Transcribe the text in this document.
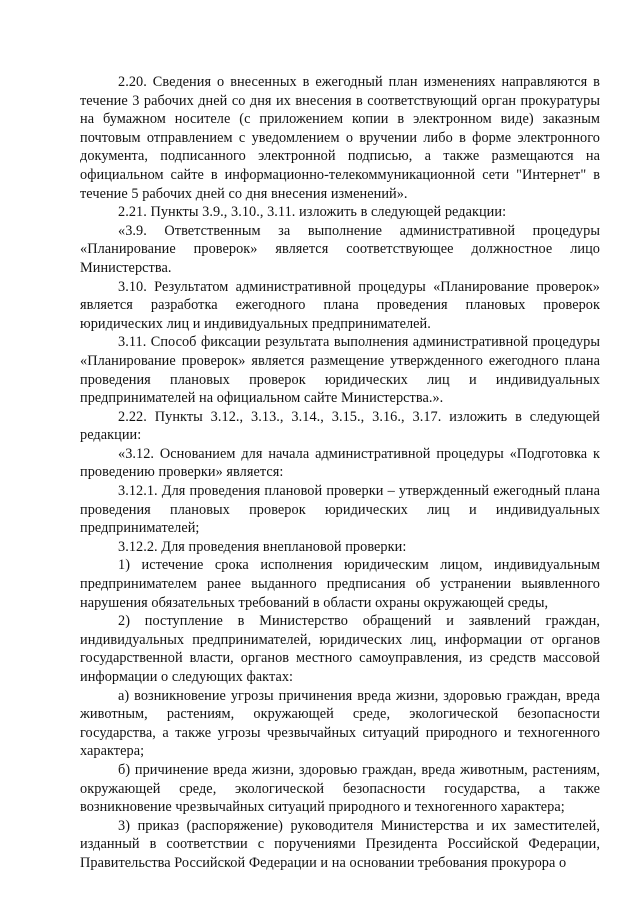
2.20. Сведения о внесенных в ежегодный план изменениях направляются в течение 3 рабочих дней со дня их внесения в соответствующий орган прокуратуры на бумажном носителе (с приложением копии в электронном виде) заказным почтовым отправлением с уведомлением о вручении либо в форме электронного документа, подписанного электронной подписью, а также размещаются на официальном сайте в информационно-телекоммуникационной сети "Интернет" в течение 5 рабочих дней со дня внесения изменений».

2.21. Пункты 3.9., 3.10., 3.11. изложить в следующей редакции:

«3.9. Ответственным за выполнение административной процедуры «Планирование проверок» является соответствующее должностное лицо Министерства.

3.10. Результатом административной процедуры «Планирование проверок» является разработка ежегодного плана проведения плановых проверок юридических лиц и индивидуальных предпринимателей.

3.11. Способ фиксации результата выполнения административной процедуры «Планирование проверок» является размещение утвержденного ежегодного плана проведения плановых проверок юридических лиц и индивидуальных предпринимателей на официальном сайте Министерства.».

2.22. Пункты 3.12., 3.13., 3.14., 3.15., 3.16., 3.17. изложить в следующей редакции:

«3.12. Основанием для начала административной процедуры «Подготовка к проведению проверки» является:

3.12.1. Для проведения плановой проверки – утвержденный ежегодный плана проведения плановых проверок юридических лиц и индивидуальных предпринимателей;

3.12.2. Для проведения внеплановой проверки:

1) истечение срока исполнения юридическим лицом, индивидуальным предпринимателем ранее выданного предписания об устранении выявленного нарушения обязательных требований в области охраны окружающей среды,

2) поступление в Министерство обращений и заявлений граждан, индивидуальных предпринимателей, юридических лиц, информации от органов государственной власти, органов местного самоуправления, из средств массовой информации о следующих фактах:

а) возникновение угрозы причинения вреда жизни, здоровью граждан, вреда животным, растениям, окружающей среде, экологической безопасности государства, а также угрозы чрезвычайных ситуаций природного и техногенного характера;

б) причинение вреда жизни, здоровью граждан, вреда животным, растениям, окружающей среде, экологической безопасности государства, а также возникновение чрезвычайных ситуаций природного и техногенного характера;

3) приказ (распоряжение) руководителя Министерства и их заместителей, изданный в соответствии с поручениями Президента Российской Федерации, Правительства Российской Федерации и на основании требования прокурора о
